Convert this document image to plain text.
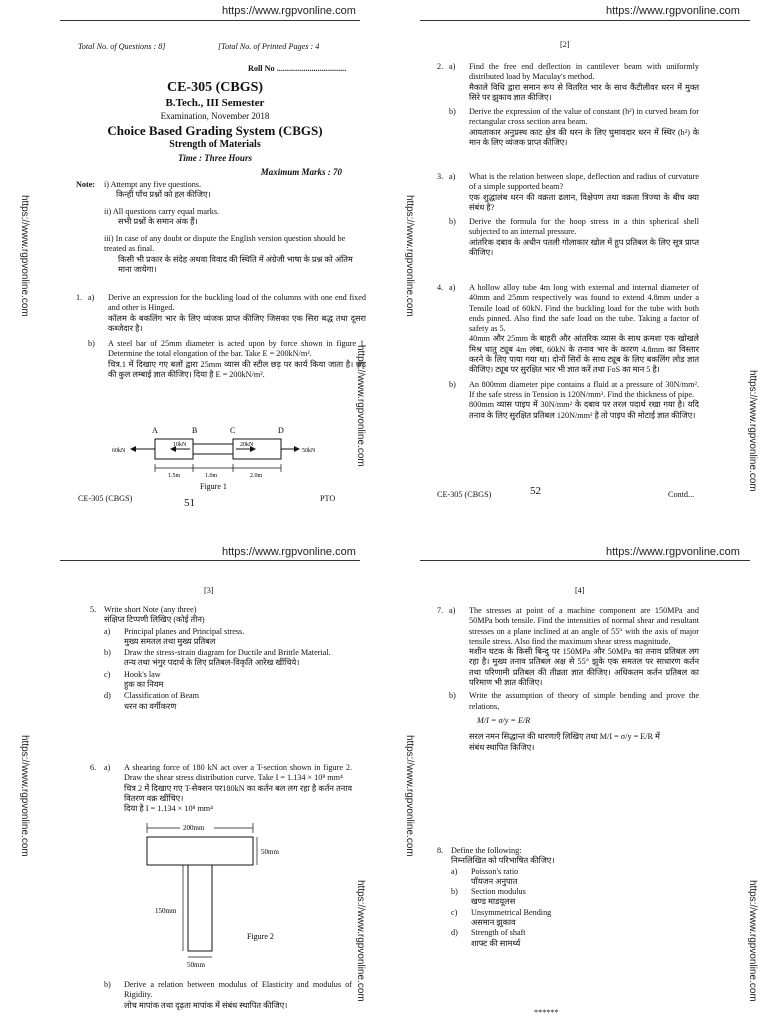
https://www.rgpvonline.com	https://www.rgpvonline.com
https://www.rgpvonline.com	https://www.rgpvonline.com
https://www.rgpvonline.com	https://www.rgpvonline.com
https://www.rgpvonline.com	https://www.rgpvonline.com
https://www.rgpvonline.com	https://www.rgpvonline.com
https://www.rgpvonline.com	https://www.rgpvonline.com
Total No. of Questions : 8]	[Total No. of Printed Pages : 4
Roll No ..................................
CE-305 (CBGS)
B.Tech., III Semester
Examination, November 2018
Choice Based Grading System (CBGS)
Strength of Materials
Time : Three Hours
Maximum Marks : 70
Note: i) Attempt any five questions.
किन्हीं पाँच प्रश्नों को हल कीजिए।
ii) All questions carry equal marks.
सभी प्रश्नों के समान अंक हैं।
iii) In case of any doubt or dispute the English version question should be treated as final.
किसी भी प्रकार के संदेह अथवा विवाद की स्थिति में अंग्रेजी भाषा के प्रश्न को अंतिम माना जायेगा।
1. a)	Derive an expression for the buckling load of the columns with one end fixed and other is Hinged.
कॉलम के बकलिंग भार के लिए व्यंजक प्राप्त कीजिए जिसका एक सिरा बद्ध तथा दूसरा कब्जेदार है।
b)	A steel bar of 25mm diameter is acted upon by force shown in figure 1. Determine the total elongation of the bar. Take E = 200kN/m².
चित्र.1 में दिखाए गए बलों द्वारा 25mm व्यास की स्टील छड़ पर कार्य किया जाता है। छड़ की कुल लम्बाई ज्ञात कीजिए। दिया है E = 200kN/m².
A	B	C	D
60kN
10kN	20kN
50kN
1.5m	1.0m	2.0m
Figure 1
CE-305 (CBGS)	51	PTO
[2]
2. a)	Find the free end deflection in cantilever beam with uniformly distributed load by Maculay's method.
मैकाले विधि द्वारा समान रूप से वितरित भार के साथ कैंटीलीवर धरन में मुक्त सिरे पर झुकाव ज्ञात कीजिए।
b)	Derive the expression of the value of constant (h²) in curved beam for rectangular cross section area beam.
आयताकार अनुप्रस्थ काट क्षेत्र की धरन के लिए घुमावदार धरन में स्थिर (h²) के मान के लिए व्यंजक प्राप्त कीजिए।
3. a)	What is the relation between slope, deflection and radius of curvature of a simple supported beam?
एक शुद्धालंब धरन की वक्रता ढलान, विक्षेपण तथा वक्रता त्रिज्या के बीच क्या संबंध है?
b)	Derive the formula for the hoop stress in a thin spherical shell subjected to an internal pressure.
आंतरिक दबाव के अधीन पतली गोलाकार खोल में हूप प्रतिबल के लिए सूत्र प्राप्त कीजिए।
4. a)	A hollow alloy tube 4m long with external and internal diameter of 40mm and 25mm respectively was found to extend 4.8mm under a Tensile load of 60kN. Find the buckling load for the tube with both ends pinned. Also find the safe load on the tube. Taking a factor of safety as 5.
40mm और 25mm के बाहरी और आंतरिक व्यास के साथ क्रमशः एक खोखले मिश्र धातु ट्यूब 4m लंबा, 60kN के तनाव भार के कारण 4.8mm का विस्तार करने के लिए पाया गया था। दोनों सिरों के साथ ट्यूब के लिए बकलिंग लोड ज्ञात कीजिए। ट्यूब पर सुरक्षित भार भी ज्ञात करें तथा FoS का मान 5 है।
b)	An 800mm diameter pipe contains a fluid at a pressure of 30N/mm². If the safe stress in Tension is 120N/mm². Find the thickness of pipe.
800mm व्यास पाइप में 30N/mm² के दबाव पर तरल पदार्थ रखा गया है। यदि तनाव के लिए सुरक्षित प्रतिबल 120N/mm² है तो पाइप की मोटाई ज्ञात कीजिए।
CE-305 (CBGS)	52	Contd...
[3]
5. Write short Note (any three)
संक्षिप्त टिप्पणी लिखिए (कोई तीन)
a)	Principal planes and Principal stress.
मुख्य समतल तथा मुख्य प्रतिबल
b)	Draw the stress-strain diagram for Ductile and Brittle Material.
तन्य तथा भंगुर पदार्थ के लिए प्रतिबल-विकृति आरेख खींचिये।
c)	Hook's law
हुक का नियम
d)	Classification of Beam
धरन का वर्गीकरण
6. a)	A shearing force of 180 kN act over a T-section shown in figure 2. Draw the shear stress distribution curve. Take I = 1.134 × 10⁸ mm⁴
चित्र 2 में दिखाए गए T-सेक्शन पर180kN का कर्तन बल लग रहा है कर्तन तनाव वितरण वक्र खींचिए।
दिया है I = 1.134 × 10⁸ mm⁴
200mm
50mm
150mm
50mm
Figure 2
b)	Derive a relation between modulus of Elasticity and modulus of Rigidity.
लोच मापांक तथा दृढ़ता मापांक में संबंध स्थापित कीजिए।
[4]
7. a)	The stresses at point of a machine component are 150MPa and 50MPa both tensile. Find the intensities of normal shear and resultant stresses on a plane inclined at an angle of 55° with the axis of major tensile stress. Also find the maximum shear stress magnitude.
मशीन घटक के किसी बिन्दु पर 150MPa और 50MPa का तनाव प्रतिबल लग रहा है। मुख्य तनाव प्रतिबल अक्ष से 55° झुके एक समतल पर साधारण कर्तन तथा परिणामी प्रतिबल की तीव्रता ज्ञात कीजिए। अधिकतम कर्तन प्रतिबल का परिमाण भी ज्ञात कीजिए।
b)	Write the assumption of theory of simple bending and prove the relations,
M/I = σ/y = E/R
सरल नमन सिद्धान्त की धारणाएँ लिखिए तथा M/I = σ/y = E/R में
संबंध स्थापित किजिए।
8. Define the following:
निम्नलिखित को परिभाषित कीजिए।
a)	Poisson's ratio
पॉयजन अनुपात
b)	Section modulus
खण्ड माडयूलस
c)	Unsymmetrical Bending
असमान झुकाव
d)	Strength of shaft
शाफ्ट की सामर्थ्य
******
